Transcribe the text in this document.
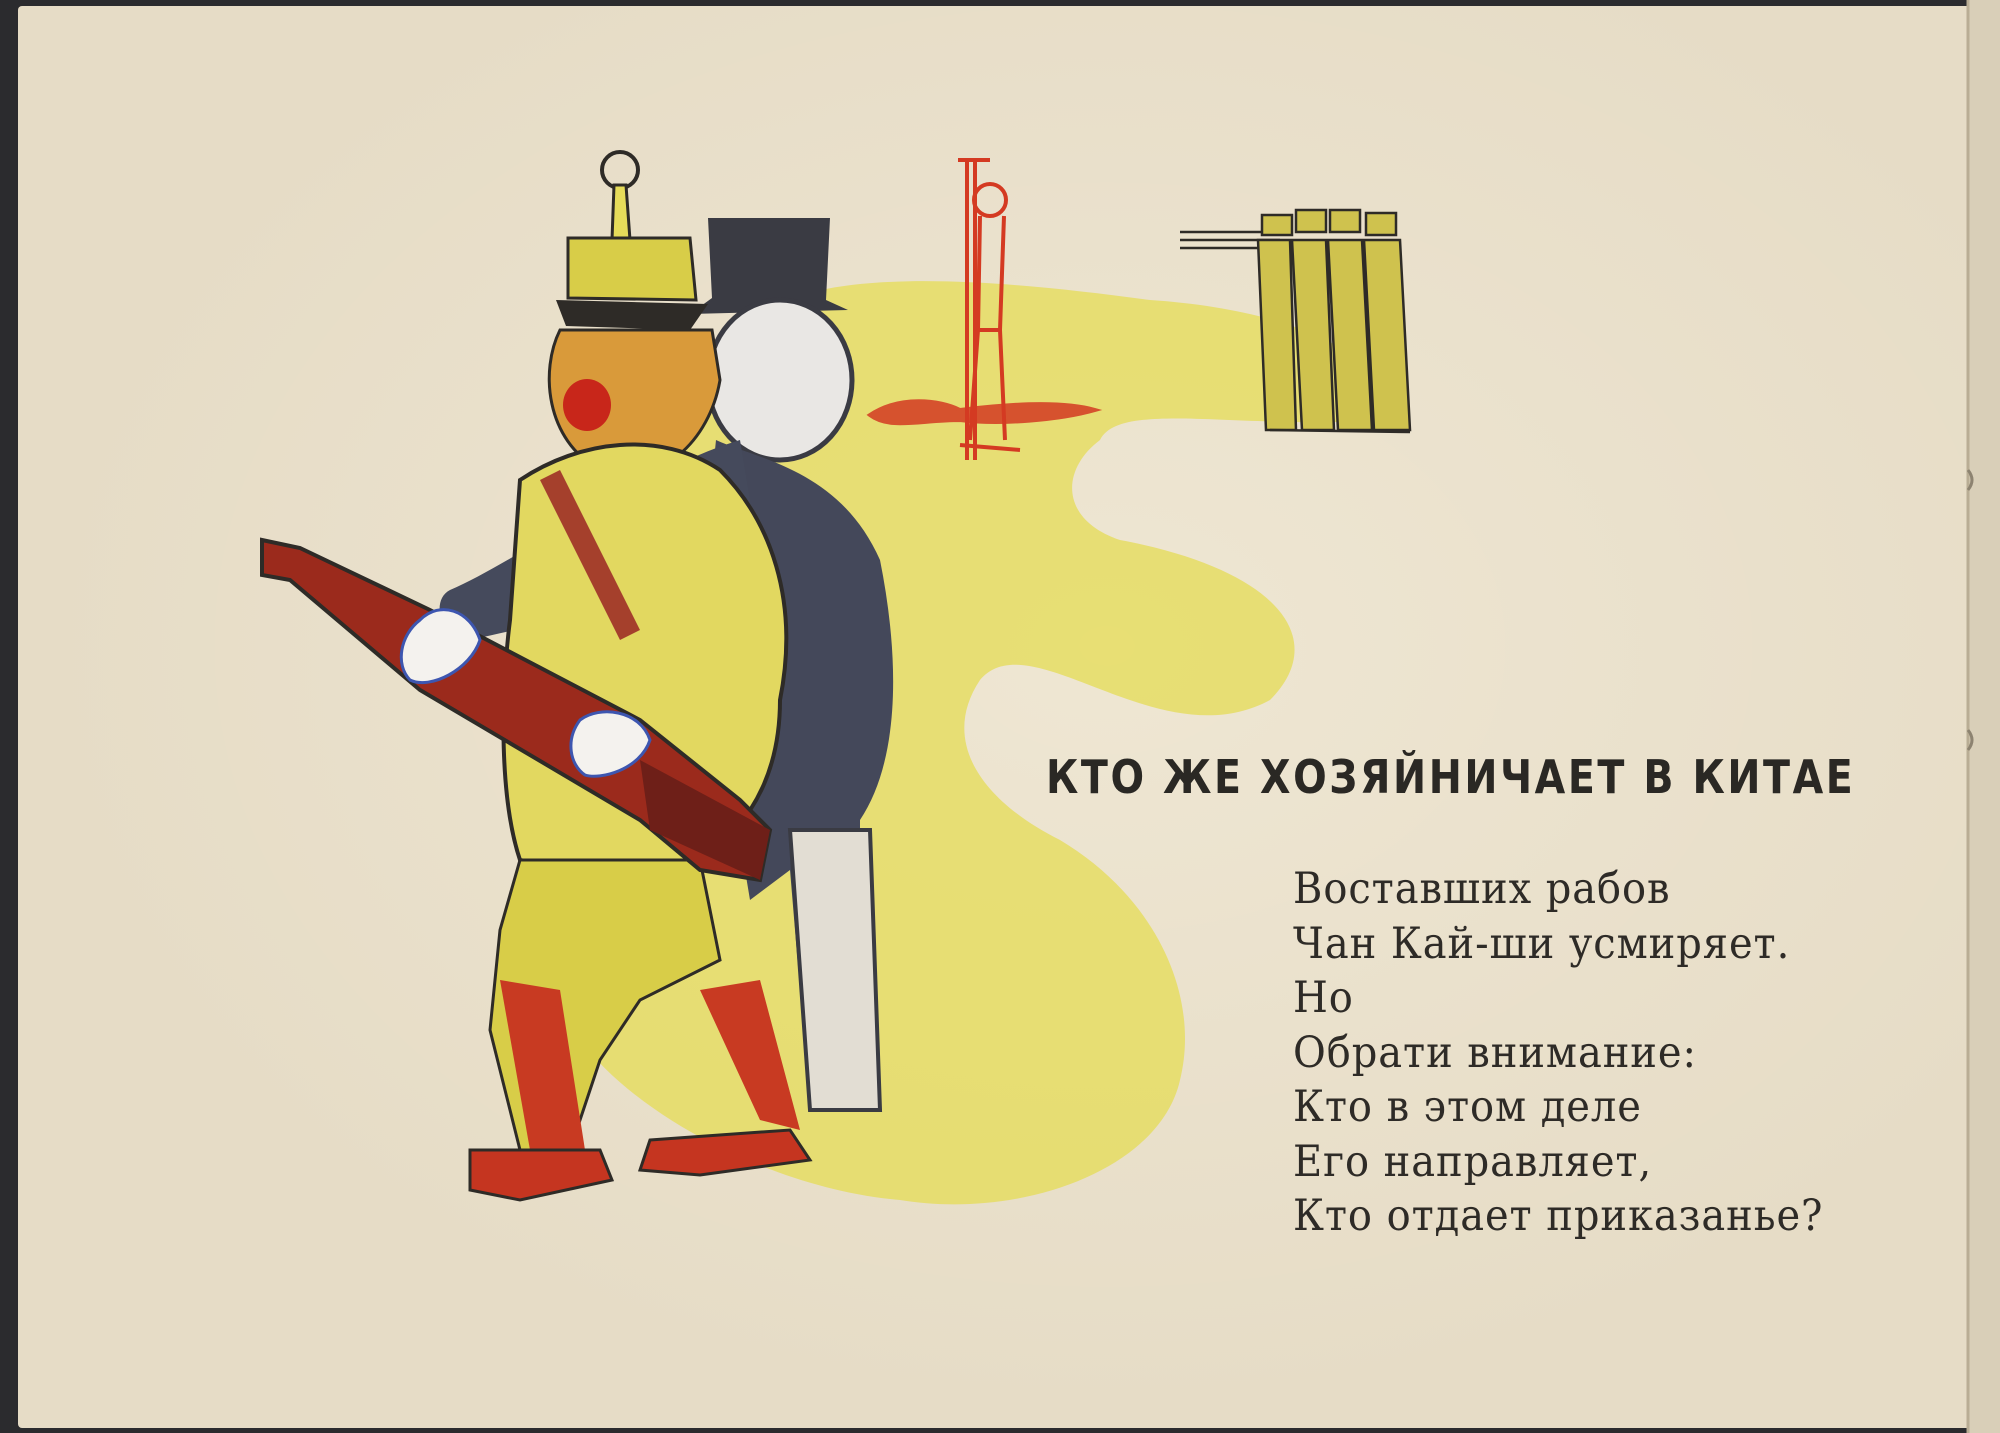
КТО ЖЕ ХОЗЯЙНИЧАЕТ В КИТАЕ
Воставших рабов
Чан Кай-ши усмиряет.
Но
Обрати внимание:
Кто в этом деле
Его направляет,
Кто отдает приказанье?
